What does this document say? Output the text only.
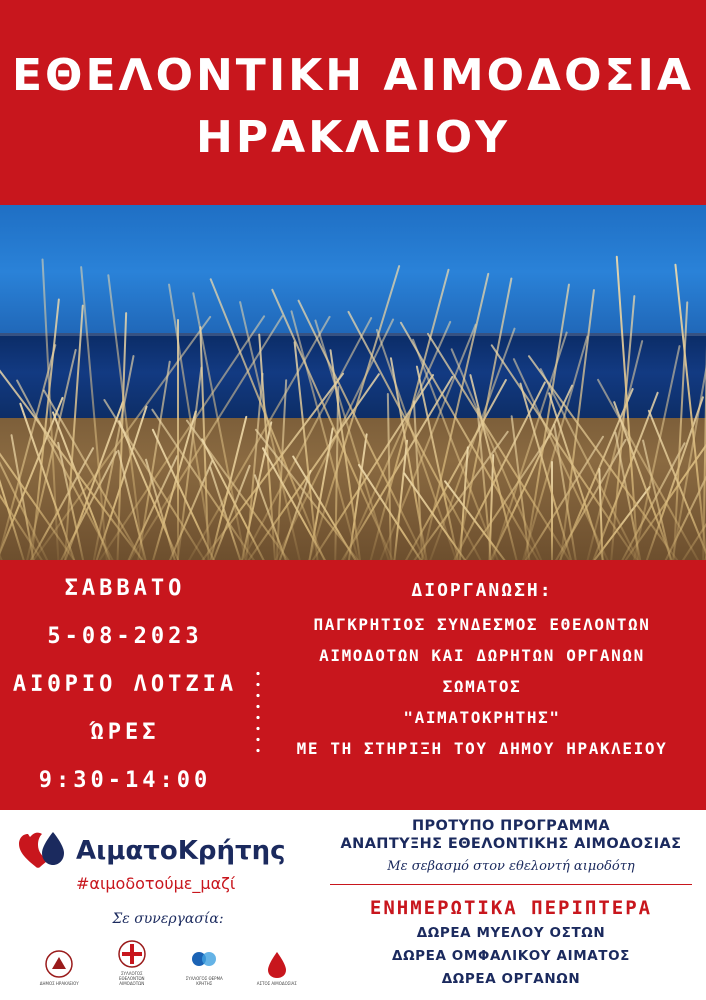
ΕΘΕΛΟΝΤΙΚΗ ΑΙΜΟΔΟΣΙΑ
ΗΡΑΚΛΕΙΟΥ
ΣΑΒΒΑΤΟ
5-08-2023
ΑΙΘΡΙΟ ΛΟΤΖΙΑ
ΏΡΕΣ
9:30-14:00
ΔΙΟΡΓΑΝΩΣΗ:
ΠΑΓΚΡΗΤΙΟΣ ΣΥΝΔΕΣΜΟΣ ΕΘΕΛΟΝΤΩΝ
ΑΙΜΟΔΟΤΩΝ ΚΑΙ ΔΩΡΗΤΩΝ ΟΡΓΑΝΩΝ
ΣΩΜΑΤΟΣ
"ΑΙΜΑΤΟΚΡΗΤΗΣ"
ΜΕ ΤΗ ΣΤΗΡΙΞΗ ΤΟΥ ΔΗΜΟΥ ΗΡΑΚΛΕΙΟΥ
ΑιματοΚρήτης
#αιμοδοτούμε_μαζί
Σε συνεργασία:
ΔΗΜΟΣ ΗΡΑΚΛΕΙΟΥ
ΣΥΛΛΟΓΟΣ ΕΘΕΛΟΝΤΩΝ ΑΙΜΟΔΟΤΩΝ
ΣΥΛΛΟΓΟΣ ΘΕΡΜΑ ΚΡΗΤΗΣ	ΑΣΤΟΣ ΑΙΜΟΔΟΣΙΑΣ
ΠΡΟΤΥΠΟ ΠΡΟΓΡΑΜΜΑ
ΑΝΑΠΤΥΞΗΣ ΕΘΕΛΟΝΤΙΚΗΣ ΑΙΜΟΔΟΣΙΑΣ
Με σεβασμό στον εθελοντή αιμοδότη
ΕΝΗΜΕΡΩΤΙΚΑ ΠΕΡΙΠΤΕΡΑ
ΔΩΡΕΑ ΜΥΕΛΟΥ ΟΣΤΩΝ
ΔΩΡΕΑ ΟΜΦΑΛΙΚΟΥ ΑΙΜΑΤΟΣ
ΔΩΡΕΑ ΟΡΓΑΝΩΝ
